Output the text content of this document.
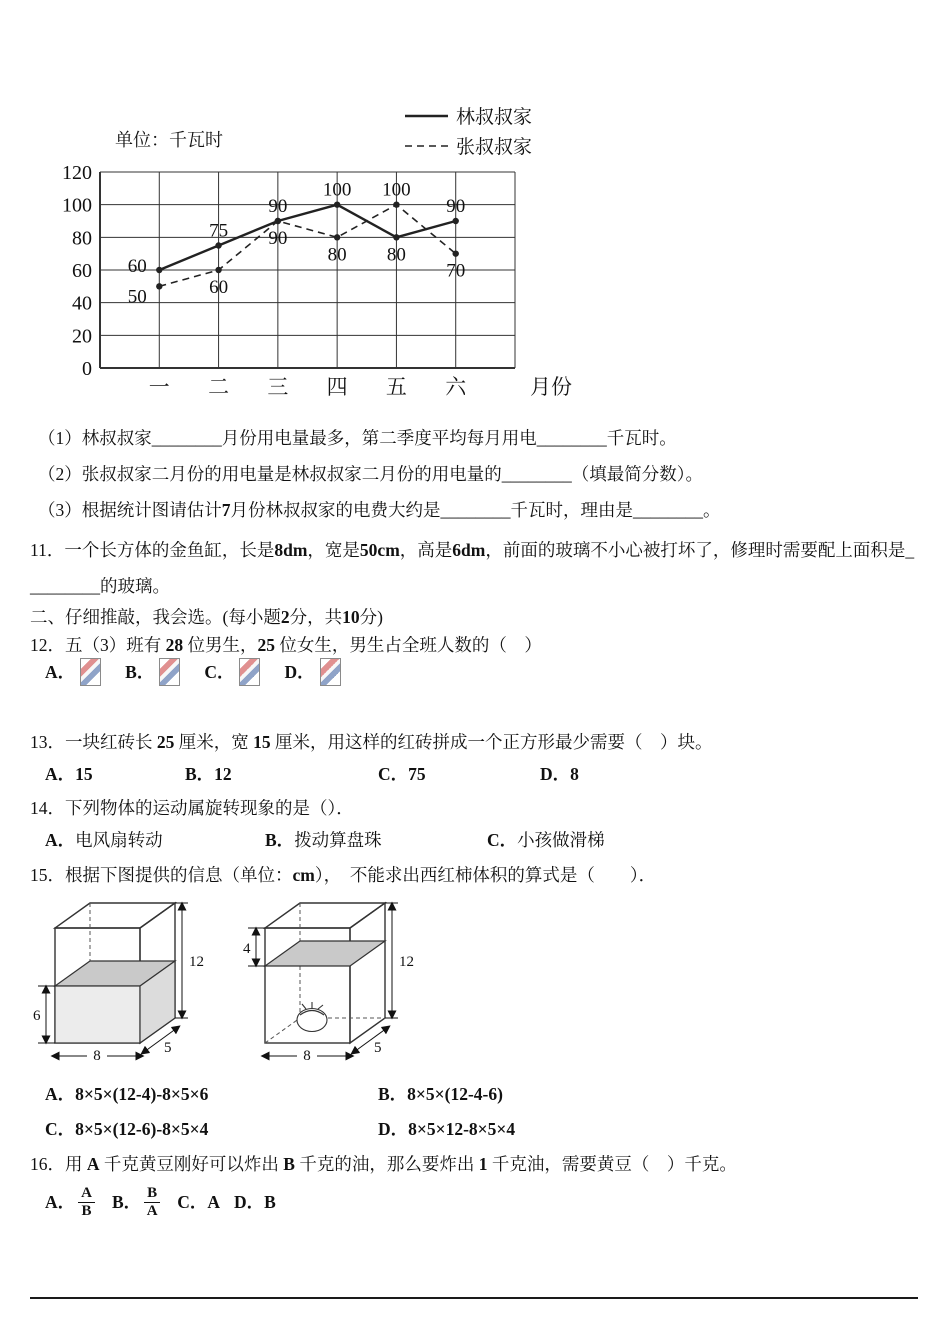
0
20
40
60
80
100
120
一 二 三 四 五 六	月份
60
75
90
100
80
90
50	60
90
80
100
70
林叔叔家
张叔叔家
单位：千瓦时
（1）林叔叔家________月份用电量最多，第二季度平均每月用电________千瓦时。
（2）张叔叔家二月份的用电量是林叔叔家二月份的用电量的________（填最简分数）。
（3）根据统计图请估计7月份林叔叔家的电费大约是________千瓦时，理由是________。
11．一个长方体的金鱼缸，长是8dm，宽是50cm，高是6dm，前面的玻璃不小心被打坏了，修理时需要配上面积是_
________的玻璃。
二、仔细推敲，我会选。(每小题2分，共10分)
12．五（3）班有 28 位男生，25 位女生，男生占全班人数的（　）
A．	B．	C．	D．
13．一块红砖长 25 厘米，宽 15 厘米，用这样的红砖拼成一个正方形最少需要（　）块。
A．15	B．12	C．75	D．8
14．下列物体的运动属旋转现象的是（）．
A．电风扇转动	B．拨动算盘珠	C．小孩做滑梯
15．根据下图提供的信息（单位：cm），　不能求出西红柿体积的算式是（　　）．
8
6
12
5	8
4
12
5
A．8×5×(12-4)-8×5×6	B．8×5×(12-4-6)
C．8×5×(12-6)-8×5×4	D．8×5×12-8×5×4
16．用 A 千克黄豆刚好可以炸出 B 千克的油，那么要炸出 1 千克油，需要黄豆（　）千克。
A． $\frac{A}{B}$ B． $\frac{B}{A}$ C．A D．B
